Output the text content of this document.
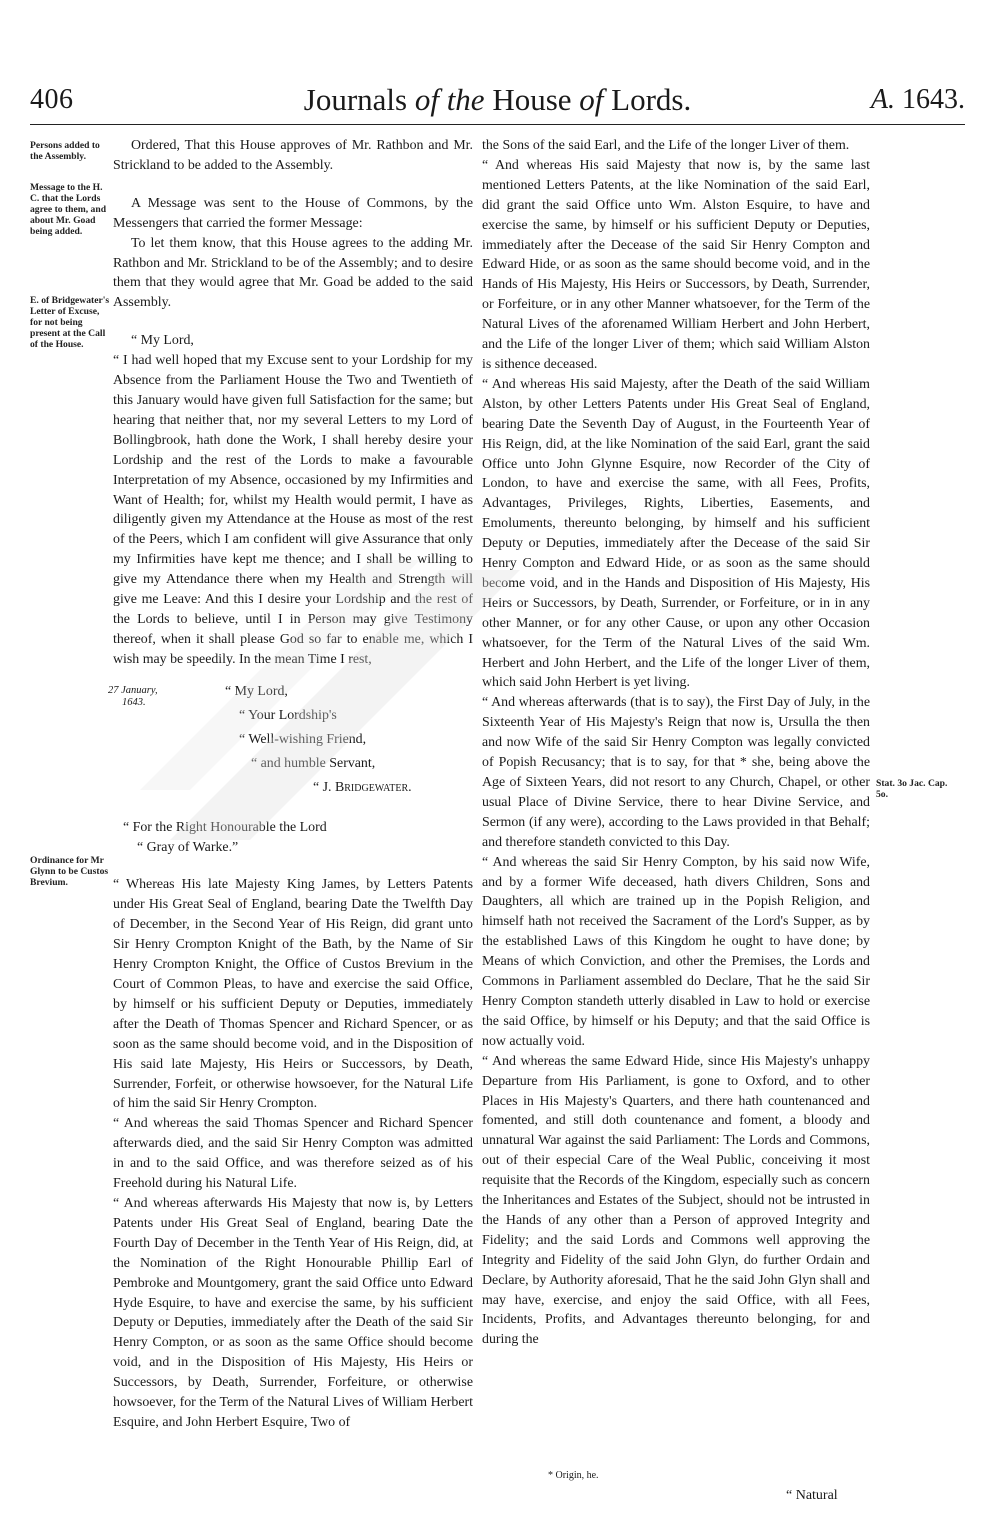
406	Journals of the House of Lords.	A. 1643.
Persons added to the Assembly.
Message to the H. C. that the Lords agree to them, and about Mr. Goad being added.
E. of Bridgewater's Letter of Excuse, for not being present at the Call of the House.
Ordinance for Mr Glynn to be Custos Brevium.
Stat. 3o Jac. Cap. 5o.

Ordered, That this House approves of Mr. Rathbon and Mr. Strickland to be added to the Assembly.

A Message was sent to the House of Commons, by the Messengers that carried the former Message:

To let them know, that this House agrees to the adding Mr. Rathbon and Mr. Strickland to be of the Assembly; and to desire them that they would agree that Mr. Goad be added to the said Assembly.

“ My Lord,

“ I had well hoped that my Excuse sent to your Lordship for my Absence from the Parliament House the Two and Twentieth of this January would have given full Satisfaction for the same; but hearing that neither that, nor my several Letters to my Lord of Bollingbrook, hath done the Work, I shall hereby desire your Lordship and the rest of the Lords to make a favourable Interpretation of my Absence, occasioned by my Infirmities and Want of Health; for, whilst my Health would permit, I have as diligently given my Attendance at the House as most of the rest of the Peers, which I am confident will give Assurance that only my Infirmities have kept me thence; and I shall be willing to give my Attendance there when my Health and Strength will give me Leave: And this I desire your Lordship and the rest of the Lords to believe, until I in Person may give Testimony thereof, when it shall please God so far to enable me, which I wish may be speedily. In the mean Time I rest,

“ My Lord,

“ Your Lordship's

“ Well-wishing Friend,

“ and humble Servant,

“ J. Bridgewater.

“ For the Right Honourable the Lord

“ Gray of Warke.”

“ Whereas His late Majesty King James, by Letters Patents under His Great Seal of England, bearing Date the Twelfth Day of December, in the Second Year of His Reign, did grant unto Sir Henry Crompton Knight of the Bath, by the Name of Sir Henry Crompton Knight, the Office of Custos Brevium in the Court of Common Pleas, to have and exercise the said Office, by himself or his sufficient Deputy or Deputies, immediately after the Death of Thomas Spencer and Richard Spencer, or as soon as the same should become void, and in the Disposition of His said late Majesty, His Heirs or Successors, by Death, Surrender, Forfeit, or otherwise howsoever, for the Natural Life of him the said Sir Henry Crompton.

“ And whereas the said Thomas Spencer and Richard Spencer afterwards died, and the said Sir Henry Compton was admitted in and to the said Office, and was therefore seized as of his Freehold during his Natural Life.

“ And whereas afterwards His Majesty that now is, by Letters Patents under His Great Seal of England, bearing Date the Fourth Day of December in the Tenth Year of His Reign, did, at the Nomination of the Right Honourable Phillip Earl of Pembroke and Mountgomery, grant the said Office unto Edward Hyde Esquire, to have and exercise the same, by his sufficient Deputy or Deputies, immediately after the Death of the said Sir Henry Compton, or as soon as the same Office should become void, and in the Disposition of His Majesty, His Heirs or Successors, by Death, Surrender, Forfeiture, or otherwise howsoever, for the Term of the Natural Lives of William Herbert Esquire, and John Herbert Esquire, Two of

27 January,
1643.

the Sons of the said Earl, and the Life of the longer Liver of them.

“ And whereas His said Majesty that now is, by the same last mentioned Letters Patents, at the like Nomination of the said Earl, did grant the said Office unto Wm. Alston Esquire, to have and exercise the same, by himself or his sufficient Deputy or Deputies, immediately after the Decease of the said Sir Henry Compton and Edward Hide, or as soon as the same should become void, and in the Hands of His Majesty, His Heirs or Successors, by Death, Surrender, or Forfeiture, or in any other Manner whatsoever, for the Term of the Natural Lives of the aforenamed William Herbert and John Herbert, and the Life of the longer Liver of them; which said William Alston is sithence deceased.

“ And whereas His said Majesty, after the Death of the said William Alston, by other Letters Patents under His Great Seal of England, bearing Date the Seventh Day of August, in the Fourteenth Year of His Reign, did, at the like Nomination of the said Earl, grant the said Office unto John Glynne Esquire, now Recorder of the City of London, to have and exercise the same, with all Fees, Profits, Advantages, Privileges, Rights, Liberties, Easements, and Emoluments, thereunto belonging, by himself and his sufficient Deputy or Deputies, immediately after the Decease of the said Sir Henry Compton and Edward Hide, or as soon as the same should become void, and in the Hands and Disposition of His Majesty, His Heirs or Successors, by Death, Surrender, or Forfeiture, or in in any other Manner, or for any other Cause, or upon any other Occasion whatsoever, for the Term of the Natural Lives of the said Wm. Herbert and John Herbert, and the Life of the longer Liver of them, which said John Herbert is yet living.

“ And whereas afterwards (that is to say), the First Day of July, in the Sixteenth Year of His Majesty's Reign that now is, Ursulla the then and now Wife of the said Sir Henry Compton was legally convicted of Popish Recusancy; that is to say, for that * she, being above the Age of Sixteen Years, did not resort to any Church, Chapel, or other usual Place of Divine Service, there to hear Divine Service, and Sermon (if any were), according to the Laws provided in that Behalf; and therefore standeth convicted to this Day.

“ And whereas the said Sir Henry Compton, by his said now Wife, and by a former Wife deceased, hath divers Children, Sons and Daughters, all which are trained up in the Popish Religion, and himself hath not received the Sacrament of the Lord's Supper, as by the established Laws of this Kingdom he ought to have done; by Means of which Conviction, and other the Premises, the Lords and Commons in Parliament assembled do Declare, That he the said Sir Henry Compton standeth utterly disabled in Law to hold or exercise the said Office, by himself or his Deputy; and that the said Office is now actually void.

“ And whereas the same Edward Hide, since His Majesty's unhappy Departure from His Parliament, is gone to Oxford, and to other Places in His Majesty's Quarters, and there hath countenanced and fomented, and still doth countenance and foment, a bloody and unnatural War against the said Parliament: The Lords and Commons, out of their especial Care of the Weal Public, conceiving it most requisite that the Records of the Kingdom, especially such as concern the Inheritances and Estates of the Subject, should not be intrusted in the Hands of any other than a Person of approved Integrity and Fidelity; and the said Lords and Commons well approving the Integrity and Fidelity of the said John Glyn, do further Ordain and Declare, by Authority aforesaid, That he the said John Glyn shall and may have, exercise, and enjoy the said Office, with all Fees, Incidents, Profits, and Advantages thereunto belonging, for and during the

* Origin, he.
“ Natural
